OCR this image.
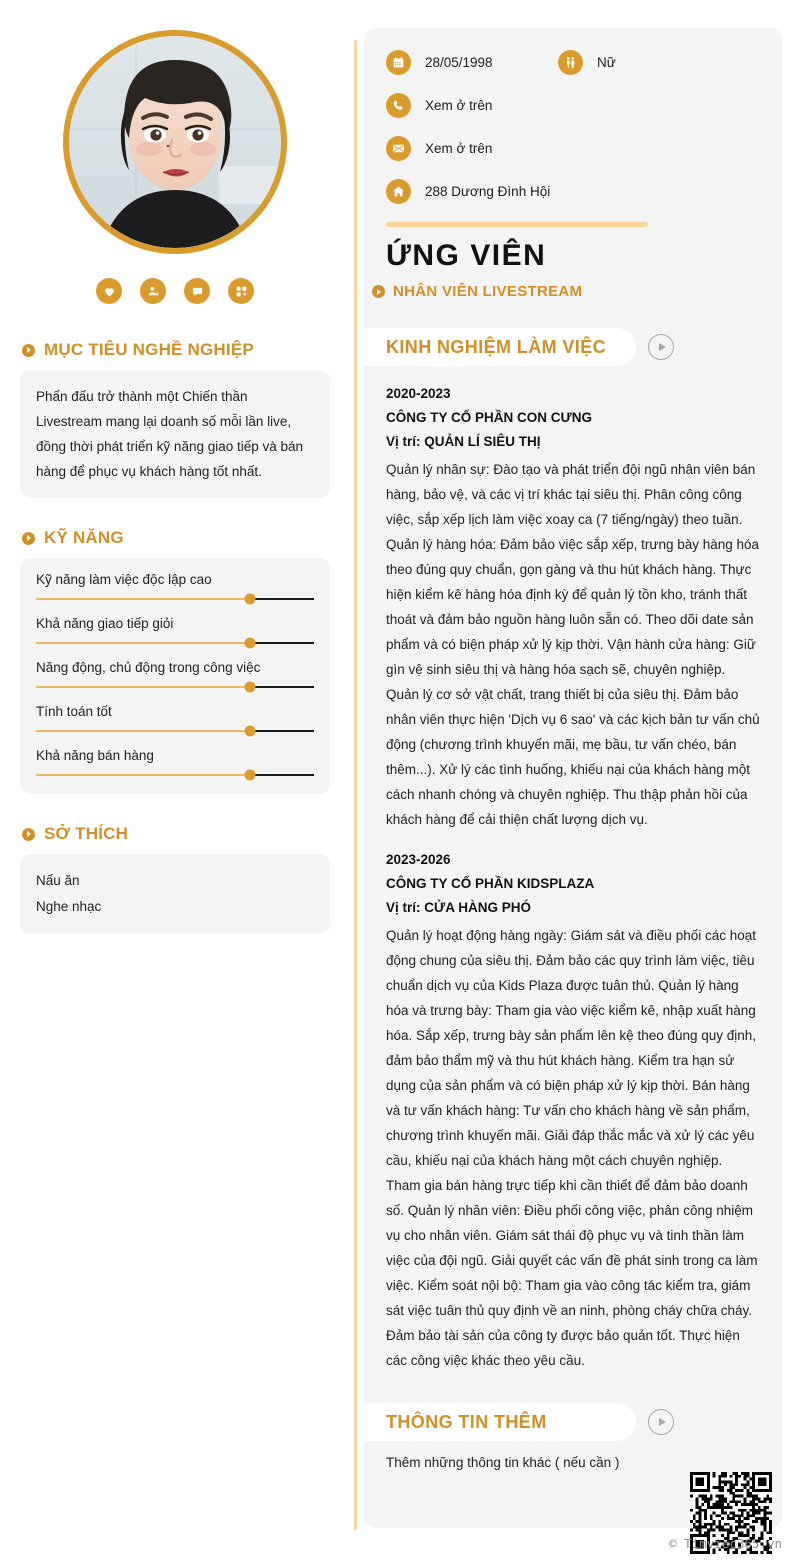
MỤC TIÊU NGHỀ NGHIỆP
Phấn đấu trở thành một Chiến thần Livestream mang lại doanh số mỗi lần live, đồng thời phát triển kỹ năng giao tiếp và bán hàng để phục vụ khách hàng tốt nhất.
KỸ NĂNG
Kỹ năng làm việc độc lập cao
Khả năng giao tiếp giỏi
Năng động, chủ động trong công việc
Tính toán tốt
Khả năng bán hàng
SỞ THÍCH
Nấu ăn
Nghe nhạc
28/05/1998	Nữ
Xem ở trên
Xem ở trên
288 Dương Đình Hội
ỨNG VIÊN
NHÂN VIÊN LIVESTREAM
KINH NGHIỆM LÀM VIỆC
2020-2023
CÔNG TY CỔ PHẦN CON CƯNG
Vị trí: QUẢN LÍ SIÊU THỊ
Quản lý nhân sự: Đào tạo và phát triển đội ngũ nhân viên bán hàng, bảo vệ, và các vị trí khác tại siêu thị. Phân công công việc, sắp xếp lịch làm việc xoay ca (7 tiếng/ngày) theo tuần. Quản lý hàng hóa: Đảm bảo việc sắp xếp, trưng bày hàng hóa theo đúng quy chuẩn, gọn gàng và thu hút khách hàng. Thực hiện kiểm kê hàng hóa định kỳ để quản lý tồn kho, tránh thất thoát và đảm bảo nguồn hàng luôn sẵn có. Theo dõi date sản phẩm và có biện pháp xử lý kịp thời. Vận hành cửa hàng: Giữ gìn vệ sinh siêu thị và hàng hóa sạch sẽ, chuyên nghiệp. Quản lý cơ sở vật chất, trang thiết bị của siêu thị. Đảm bảo nhân viên thực hiện 'Dịch vụ 6 sao' và các kịch bản tư vấn chủ động (chương trình khuyến mãi, mẹ bầu, tư vấn chéo, bán thêm...). Xử lý các tình huống, khiếu nại của khách hàng một cách nhanh chóng và chuyên nghiệp. Thu thập phản hồi của khách hàng để cải thiện chất lượng dịch vụ.
2023-2026
CÔNG TY CỔ PHẦN KIDSPLAZA
Vị trí: CỬA HÀNG PHÓ
Quản lý hoạt động hàng ngày: Giám sát và điều phối các hoạt động chung của siêu thị. Đảm bảo các quy trình làm việc, tiêu chuẩn dịch vụ của Kids Plaza được tuân thủ. Quản lý hàng hóa và trưng bày: Tham gia vào việc kiểm kê, nhập xuất hàng hóa. Sắp xếp, trưng bày sản phẩm lên kệ theo đúng quy định, đảm bảo thẩm mỹ và thu hút khách hàng. Kiểm tra hạn sử dụng của sản phẩm và có biện pháp xử lý kịp thời. Bán hàng và tư vấn khách hàng: Tư vấn cho khách hàng về sản phẩm, chương trình khuyến mãi. Giải đáp thắc mắc và xử lý các yêu cầu, khiếu nại của khách hàng một cách chuyên nghiệp. Tham gia bán hàng trực tiếp khi cần thiết để đảm bảo doanh số. Quản lý nhân viên: Điều phối công việc, phân công nhiệm vụ cho nhân viên. Giám sát thái độ phục vụ và tinh thần làm việc của đội ngũ. Giải quyết các vấn đề phát sinh trong ca làm việc. Kiểm soát nội bộ: Tham gia vào công tác kiểm tra, giám sát việc tuân thủ quy định về an ninh, phòng cháy chữa cháy. Đảm bảo tài sản của công ty được bảo quản tốt. Thực hiện các công việc khác theo yêu cầu.
THÔNG TIN THÊM
Thêm những thông tin khác ( nếu cần )
© Timviec365.vn
